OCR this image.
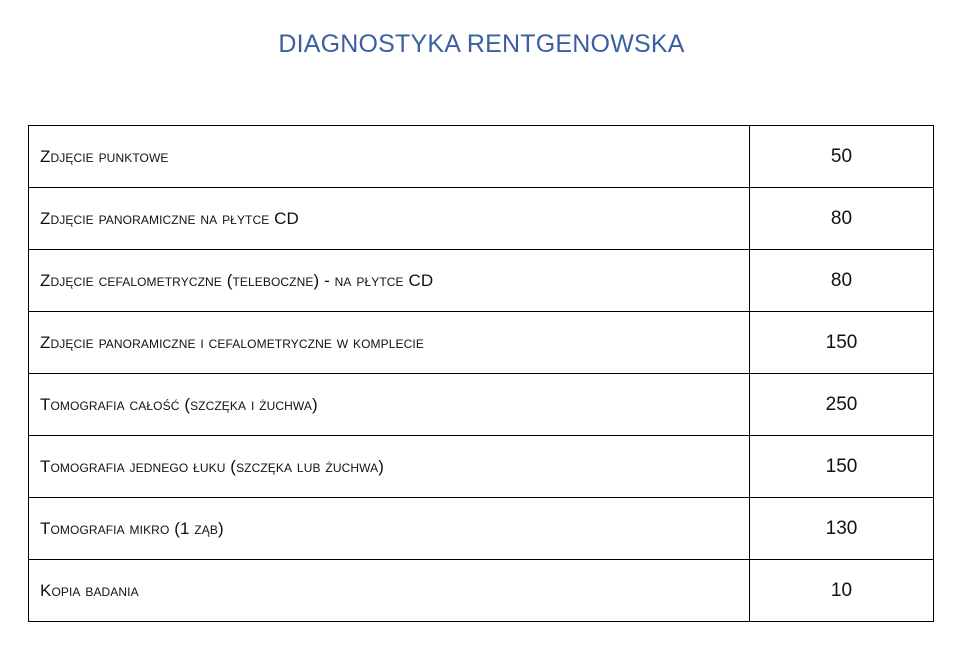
DIAGNOSTYKA RENTGENOWSKA
Zdjęcie punktowe	50
Zdjęcie panoramiczne na płytce CD	80
Zdjęcie cefalometryczne (teleboczne) - na płytce CD	80
Zdjęcie panoramiczne i cefalometryczne w komplecie	150
Tomografia całość (szczęka i żuchwa)	250
Tomografia jednego łuku (szczęka lub żuchwa)	150
Tomografia mikro (1 ząb)	130
Kopia badania	10
